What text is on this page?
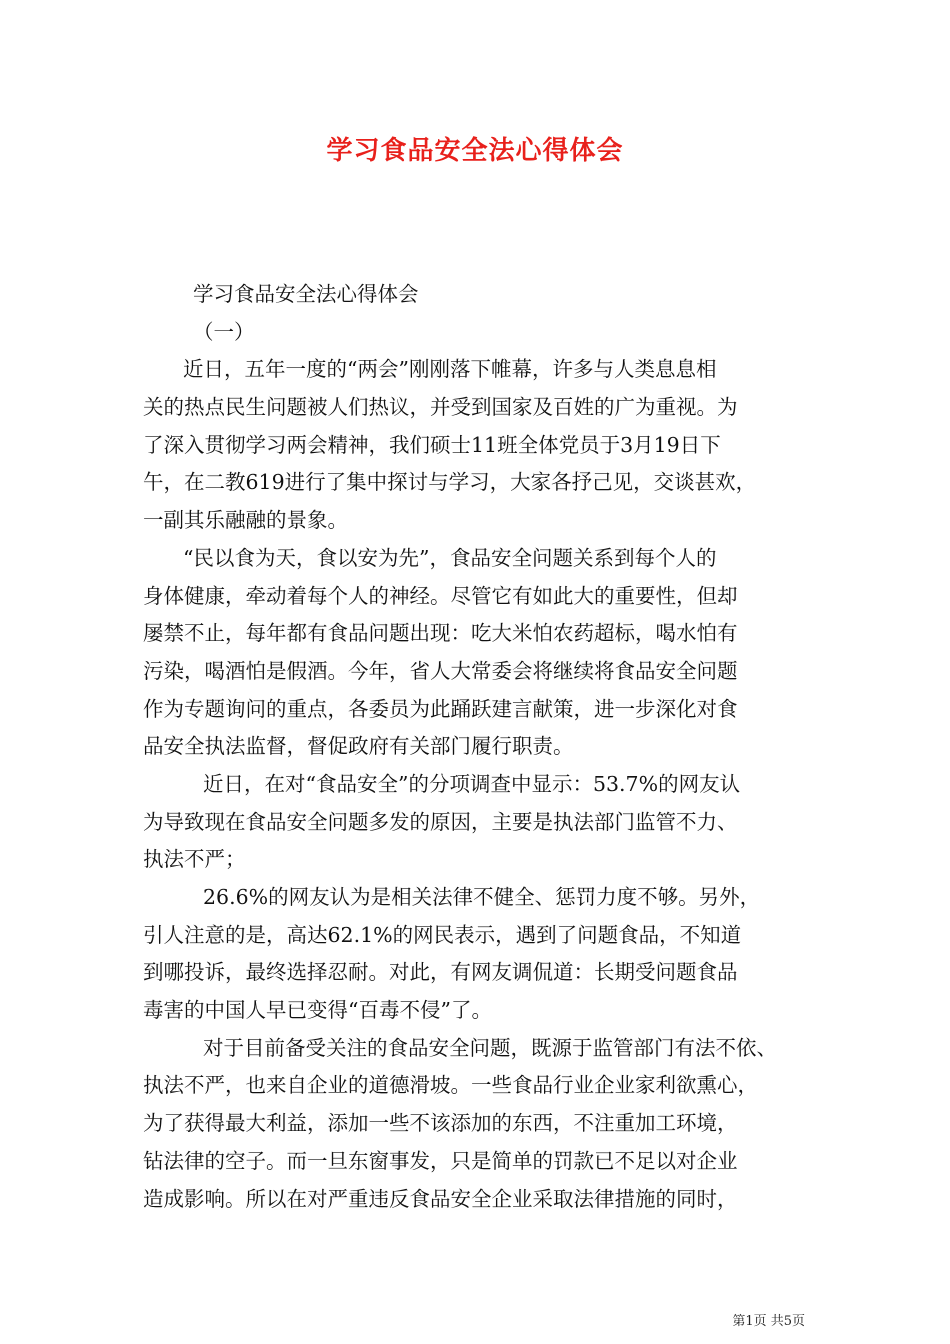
学习食品安全法心得体会
学习食品安全法心得体会
（一）
近日，五年一度的“两会”刚刚落下帷幕，许多与人类息息相
关的热点民生问题被人们热议，并受到国家及百姓的广为重视。为
了深入贯彻学习两会精神，我们硕士11班全体党员于3月19日下
午，在二教619进行了集中探讨与学习，大家各抒己见，交谈甚欢，
一副其乐融融的景象。
“民以食为天，食以安为先”，食品安全问题关系到每个人的
身体健康，牵动着每个人的神经。尽管它有如此大的重要性，但却
屡禁不止，每年都有食品问题出现：吃大米怕农药超标，喝水怕有
污染，喝酒怕是假酒。今年，省人大常委会将继续将食品安全问题
作为专题询问的重点，各委员为此踊跃建言献策，进一步深化对食
品安全执法监督，督促政府有关部门履行职责。
近日，在对“食品安全”的分项调查中显示：53.7%的网友认
为导致现在食品安全问题多发的原因，主要是执法部门监管不力、
执法不严；
26.6%的网友认为是相关法律不健全、惩罚力度不够。另外，
引人注意的是，高达62.1%的网民表示，遇到了问题食品，不知道
到哪投诉，最终选择忍耐。对此，有网友调侃道：长期受问题食品
毒害的中国人早已变得“百毒不侵”了。
对于目前备受关注的食品安全问题，既源于监管部门有法不依、
执法不严，也来自企业的道德滑坡。一些食品行业企业家利欲熏心，
为了获得最大利益，添加一些不该添加的东西，不注重加工环境，
钻法律的空子。而一旦东窗事发，只是简单的罚款已不足以对企业
造成影响。所以在对严重违反食品安全企业采取法律措施的同时，
第1页 共5页
